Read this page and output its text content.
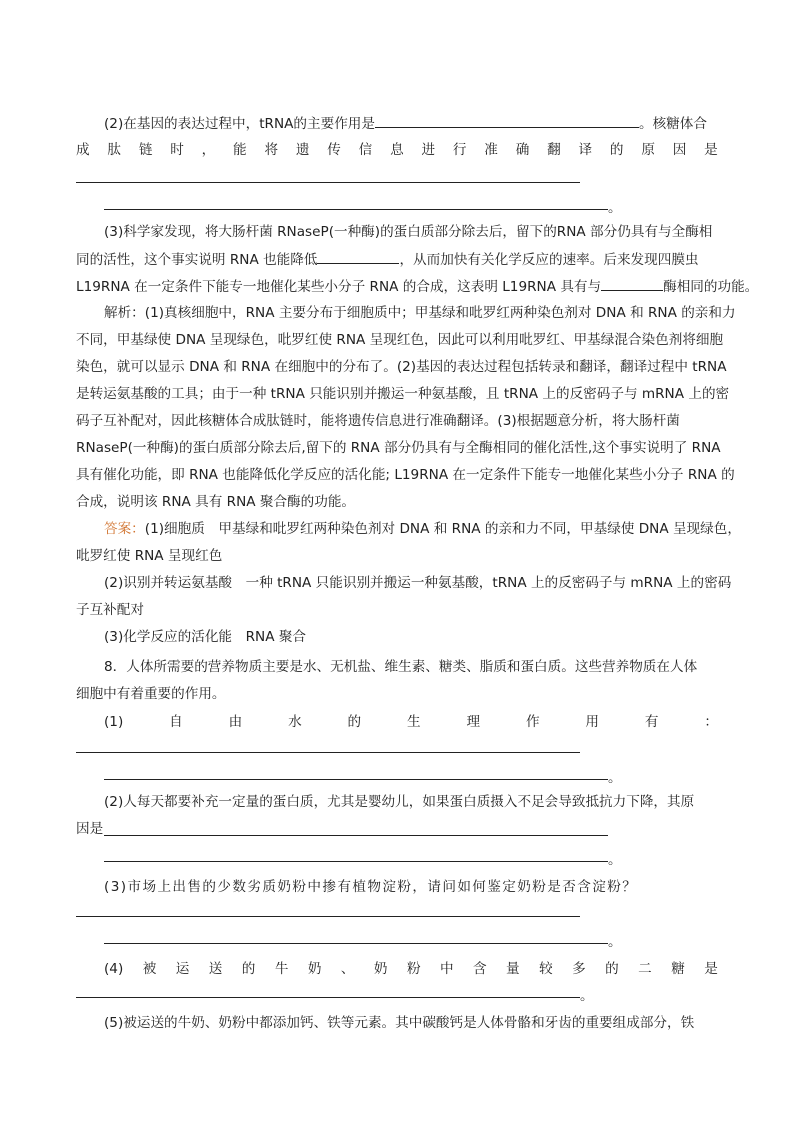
(2)在基因的表达过程中，tRNA的主要作用是	。核糖体合
成 肽 链 时 ， 能 将 遗 传 信 息 进 行 准 确 翻 译 的 原 因 是
。
(3)科学家发现，将大肠杆菌 RNaseP(一种酶)的蛋白质部分除去后，留下的RNA 部分仍具有与全酶相
同的活性，这个事实说明 RNA 也能降低	，从而加快有关化学反应的速率。后来发现四膜虫
L19RNA 在一定条件下能专一地催化某些小分子 RNA 的合成，这表明 L19RNA 具有与	酶相同的功能。
解析：(1)真核细胞中，RNA 主要分布于细胞质中；甲基绿和吡罗红两种染色剂对 DNA 和 RNA 的亲和力
不同，甲基绿使 DNA 呈现绿色，吡罗红使 RNA 呈现红色，因此可以利用吡罗红、甲基绿混合染色剂将细胞
染色，就可以显示 DNA 和 RNA 在细胞中的分布了。(2)基因的表达过程包括转录和翻译，翻译过程中 tRNA
是转运氨基酸的工具；由于一种 tRNA 只能识别并搬运一种氨基酸，且 tRNA 上的反密码子与 mRNA 上的密
码子互补配对，因此核糖体合成肽链时，能将遗传信息进行准确翻译。(3)根据题意分析，将大肠杆菌
RNaseP(一种酶)的蛋白质部分除去后,留下的 RNA 部分仍具有与全酶相同的催化活性,这个事实说明了 RNA
具有催化功能，即 RNA 也能降低化学反应的活化能; L19RNA 在一定条件下能专一地催化某些小分子 RNA 的
合成，说明该 RNA 具有 RNA 聚合酶的功能。
答案：(1)细胞质　甲基绿和吡罗红两种染色剂对 DNA 和 RNA 的亲和力不同，甲基绿使 DNA 呈现绿色，
吡罗红使 RNA 呈现红色
(2)识别并转运氨基酸　一种 tRNA 只能识别并搬运一种氨基酸，tRNA 上的反密码子与 mRNA 上的密码
子互补配对
(3)化学反应的活化能　RNA 聚合
8．人体所需要的营养物质主要是水、无机盐、维生素、糖类、脂质和蛋白质。这些营养物质在人体
细胞中有着重要的作用。
(1)	自	由	水	的	生	理	作	用	有	：
。
(2)人每天都要补充一定量的蛋白质，尤其是婴幼儿，如果蛋白质摄入不足会导致抵抗力下降，其原
因是
。
(3)市场上出售的少数劣质奶粉中掺有植物淀粉，请问如何鉴定奶粉是否含淀粉？
。
(4) 被 运 送 的 牛 奶 、 奶 粉 中 含 量 较 多 的 二 糖 是
。
(5)被运送的牛奶、奶粉中都添加钙、铁等元素。其中碳酸钙是人体骨骼和牙齿的重要组成部分，铁
